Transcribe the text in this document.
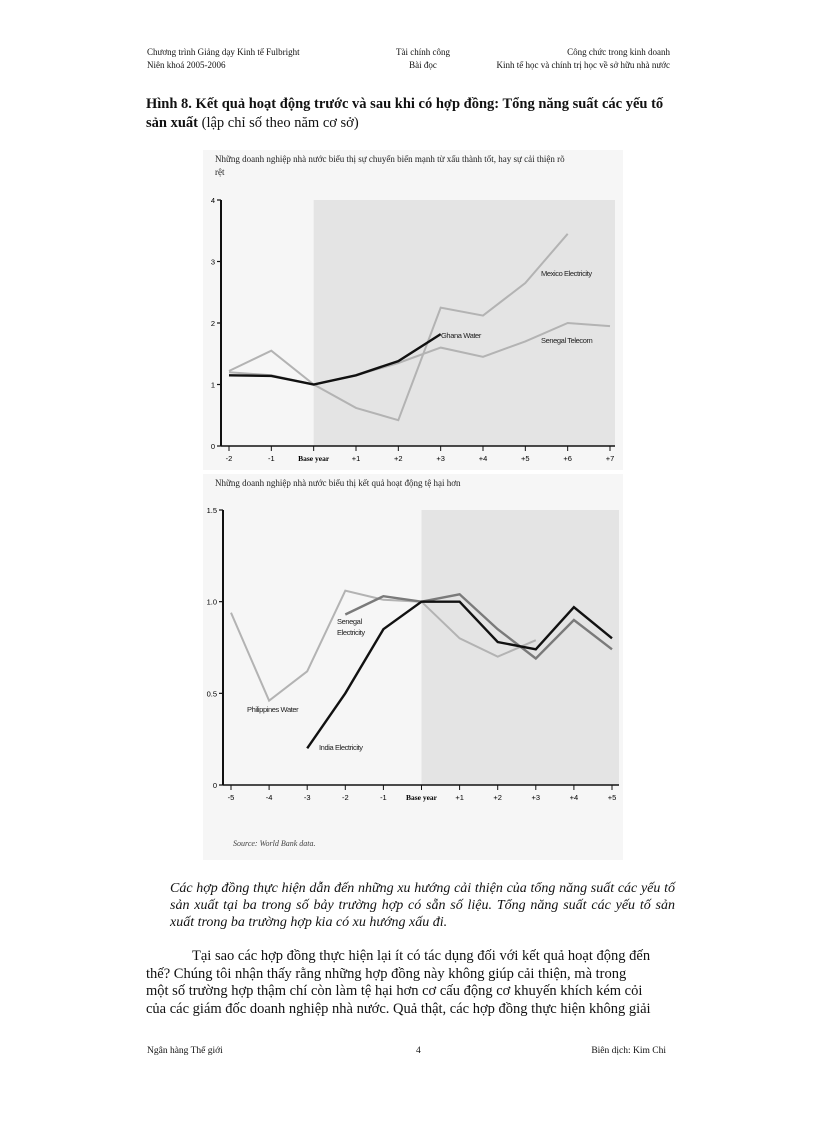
Chương trình Giảng dạy Kinh tế Fulbright
Niên khoá 2005-2006
Tài chính công
Bài đọc
Công chức trong kinh doanh
Kinh tế học và chính trị học về sở hữu nhà nước
Hình 8. Kết quả hoạt động trước và sau khi có hợp đồng: Tổng năng suất các yếu tố sản xuất (lập chỉ số theo năm cơ sở)
Những doanh nghiệp nhà nước biểu thị sự chuyển biến mạnh từ xấu thành tốt, hay sự cải thiện rõ rệt
0
1
2
3
4
-2	-1	Base year	+1	+2	+3	+4	+5	+6	+7
Mexico Electricity
Senegal Telecom
Ghana Water
Những doanh nghiệp nhà nước biểu thị kết quả hoạt động tệ hại hơn
0
0.5
1.0
1.5
-5	-4	-3	-2	-1	Base year +1	+2	+3	+4	+5
Philippines Water
Senegal
Electricity
India Electricity
Source: World Bank data.
Các hợp đồng thực hiện dẫn đến những xu hướng cải thiện của tổng năng suất các yếu tố sản xuất tại ba trong số bảy trường hợp có sẵn số liệu. Tổng năng suất các yếu tố sản xuất trong ba trường hợp kia có xu hướng xấu đi.
Tại sao các hợp đồng thực hiện lại ít có tác dụng đối với kết quả hoạt động đến
thế? Chúng tôi nhận thấy rằng những hợp đồng này không giúp cải thiện, mà trong
một số trường hợp thậm chí còn làm tệ hại hơn cơ cấu động cơ khuyến khích kém cỏi
của các giám đốc doanh nghiệp nhà nước. Quả thật, các hợp đồng thực hiện không giải
Ngân hàng Thế giới	4	Biên dịch: Kim Chi
